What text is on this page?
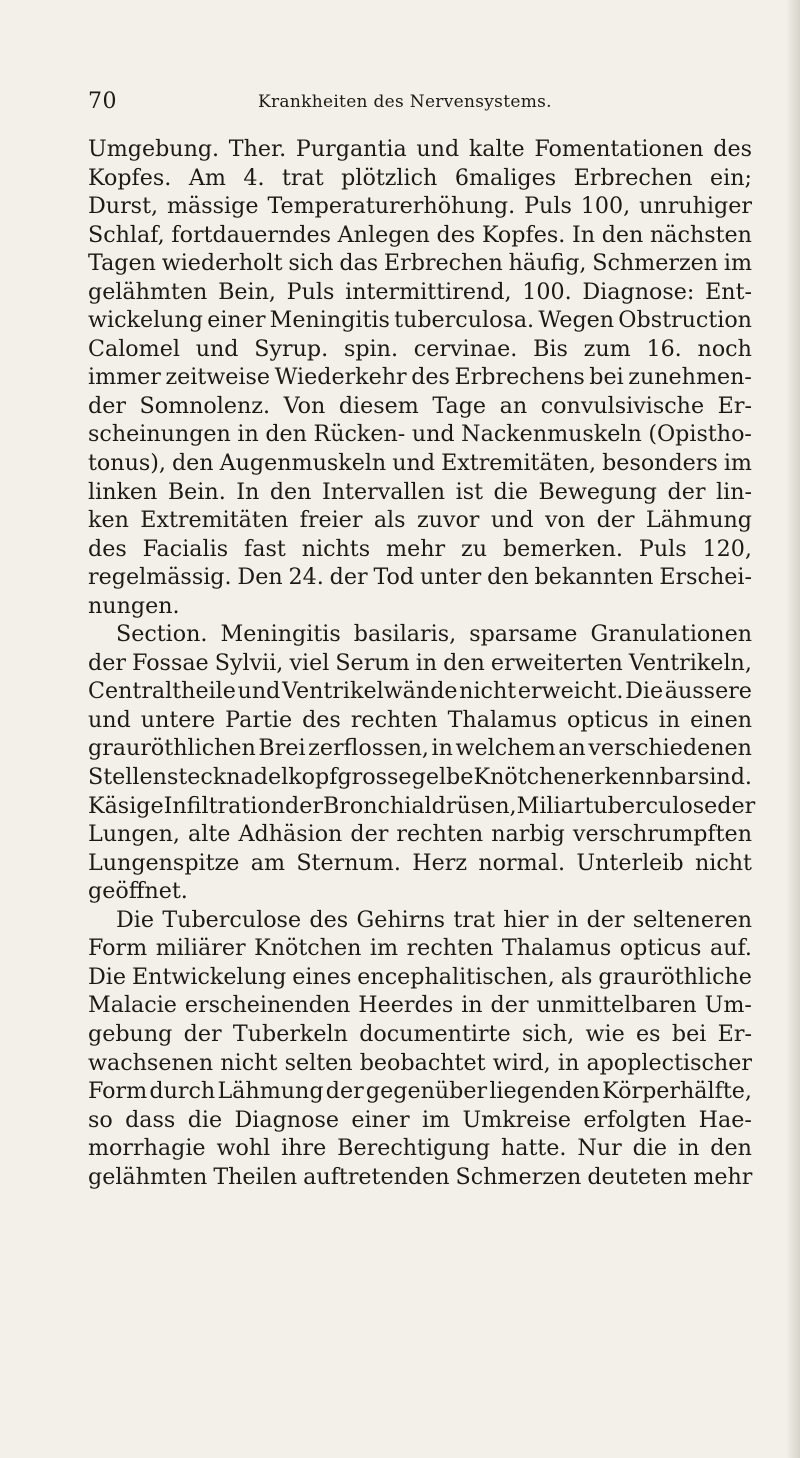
70	Krankheiten des Nervensystems.
Umgebung. Ther. Purgantia und kalte Fomentationen des
Kopfes. Am 4. trat plötzlich 6maliges Erbrechen ein;
Durst, mässige Temperaturerhöhung. Puls 100, unruhiger
Schlaf, fortdauerndes Anlegen des Kopfes. In den nächsten
Tagen wiederholt sich das Erbrechen häufig, Schmerzen im
gelähmten Bein, Puls intermittirend, 100. Diagnose: Ent-
wickelung einer Meningitis tuberculosa. Wegen Obstruction
Calomel und Syrup. spin. cervinae. Bis zum 16. noch
immer zeitweise Wiederkehr des Erbrechens bei zunehmen-
der Somnolenz. Von diesem Tage an convulsivische Er-
scheinungen in den Rücken- und Nackenmuskeln (Opistho-
tonus), den Augenmuskeln und Extremitäten, besonders im
linken Bein. In den Intervallen ist die Bewegung der lin-
ken Extremitäten freier als zuvor und von der Lähmung
des Facialis fast nichts mehr zu bemerken. Puls 120,
regelmässig. Den 24. der Tod unter den bekannten Erschei-
nungen.
Section. Meningitis basilaris, sparsame Granulationen
der Fossae Sylvii, viel Serum in den erweiterten Ventrikeln,
Centraltheile und Ventrikelwände nicht erweicht. Die äussere
und untere Partie des rechten Thalamus opticus in einen
grauröthlichen Brei zerflossen, in welchem an verschiedenen
Stellen stecknadelkopfgrosse gelbe Knötchen erkennbar sind.
Käsige Infiltration der Bronchialdrüsen, Miliartuberculose der
Lungen, alte Adhäsion der rechten narbig verschrumpften
Lungenspitze am Sternum. Herz normal. Unterleib nicht
geöffnet.
Die Tuberculose des Gehirns trat hier in der selteneren
Form miliärer Knötchen im rechten Thalamus opticus auf.
Die Entwickelung eines encephalitischen, als grauröthliche
Malacie erscheinenden Heerdes in der unmittelbaren Um-
gebung der Tuberkeln documentirte sich, wie es bei Er-
wachsenen nicht selten beobachtet wird, in apoplectischer
Form durch Lähmung der gegenüber liegenden Körperhälfte,
so dass die Diagnose einer im Umkreise erfolgten Hae-
morrhagie wohl ihre Berechtigung hatte. Nur die in den
gelähmten Theilen auftretenden Schmerzen deuteten mehr
